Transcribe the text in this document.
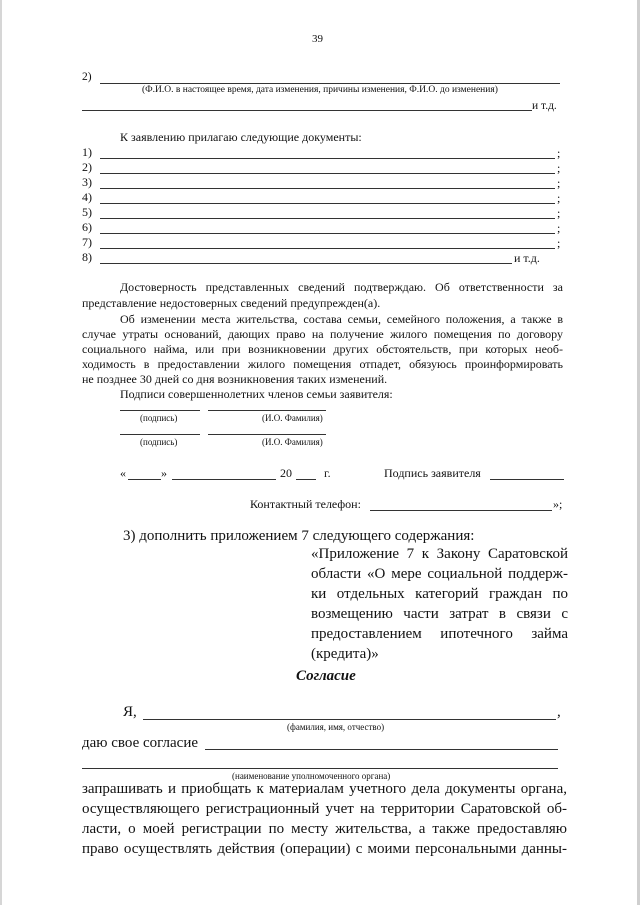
39
2)
(Ф.И.О. в настоящее время, дата изменения, причины изменения, Ф.И.О. до изменения)
и т.д.
К заявлению прилагаю следующие документы:
1)	;
2)	;
3)	;
4)	;
5)	;
6)	;
7)	;
8)	и т.д.
Достоверность представленных сведений подтверждаю. Об ответственности за
представление недостоверных сведений предупрежден(а).
Об изменении места жительства, состава семьи, семейного положения, а также в
случае утраты оснований, дающих право на получение жилого помещения по договору
социального найма, или при возникновении других обстоятельств, при которых необ-
ходимость в предоставлении жилого помещения отпадет, обязуюсь проинформировать
не позднее 30 дней со дня возникновения таких изменений.
Подписи совершеннолетних членов семьи заявителя:
(подпись)	(И.О. Фамилия)
(подпись)	(И.О. Фамилия)
«	»	20	г.	Подпись заявителя
Контактный телефон:	»;
3) дополнить приложением 7 следующего содержания:
«Приложение 7 к Закону Саратовской
области «О мере социальной поддерж-
ки отдельных категорий граждан по
возмещению части затрат в связи с
предоставлением ипотечного займа
(кредита)»
Согласие
Я,	,
(фамилия, имя, отчество)
даю свое согласие
(наименование уполномоченного органа)
запрашивать и приобщать к материалам учетного дела документы органа,
осуществляющего регистрационный учет на территории Саратовской об-
ласти, о моей регистрации по месту жительства, а также предоставляю
право осуществлять действия (операции) с моими персональными данны-
